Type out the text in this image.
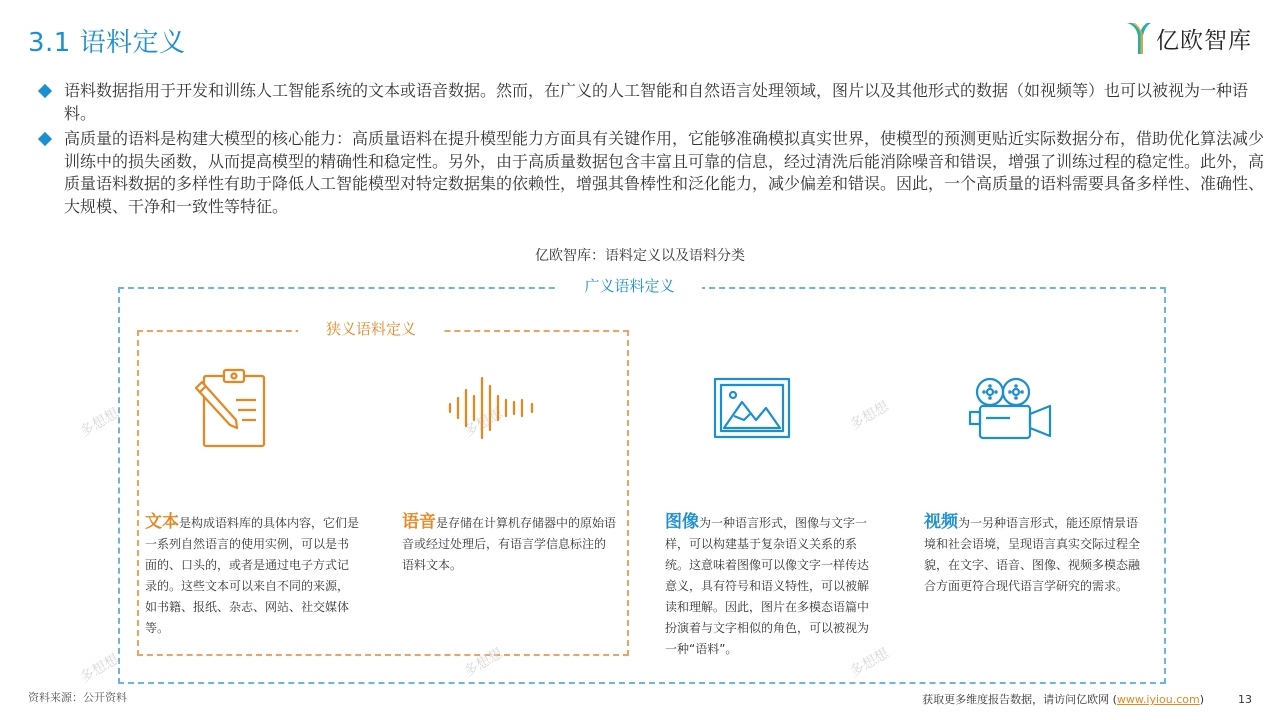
3.1 语料定义	亿欧智库
语料数据指用于开发和训练人工智能系统的文本或语音数据。然而，在广义的人工智能和自然语言处理领域，图片以及其他形式的数据（如视频等）也可以被视为一种语料。
高质量的语料是构建大模型的核心能力：高质量语料在提升模型能力方面具有关键作用，它能够准确模拟真实世界，使模型的预测更贴近实际数据分布，借助优化算法减少训练中的损失函数，从而提高模型的精确性和稳定性。另外，由于高质量数据包含丰富且可靠的信息，经过清洗后能消除噪音和错误，增强了训练过程的稳定性。此外，高质量语料数据的多样性有助于降低人工智能模型对特定数据集的依赖性，增强其鲁棒性和泛化能力，减少偏差和错误。因此，一个高质量的语料需要具备多样性、准确性、大规模、干净和一致性等特征。
亿欧智库：语料定义以及语料分类
广义语料定义
狭义语料定义
多想想	多想想	多想想
多想想	多想想	多想想
文本是构成语料库的具体内容，它们是一系列自然语言的使用实例，可以是书面的、口头的，或者是通过电子方式记录的。这些文本可以来自不同的来源，如书籍、报纸、杂志、网站、社交媒体等。
语音是存储在计算机存储器中的原始语音或经过处理后，有语言学信息标注的语料文本。
图像为一种语言形式，图像与文字一样，可以构建基于复杂语义关系的系统。这意味着图像可以像文字一样传达意义，具有符号和语义特性，可以被解读和理解。因此，图片在多模态语篇中扮演着与文字相似的角色，可以被视为一种“语料”。
视频为一另种语言形式，能还原情景语境和社会语境，呈现语言真实交际过程全貌，在文字、语音、图像、视频多模态融合方面更符合现代语言学研究的需求。
资料来源：公开资料	获取更多维度报告数据，请访问亿欧网 (www.iyiou.com)	13
